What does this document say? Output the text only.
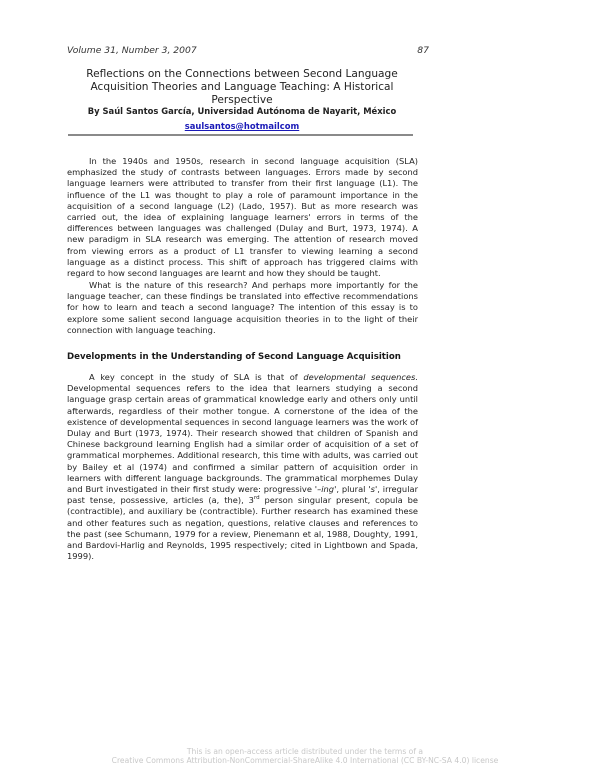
Volume 31, Number 3, 2007	87
Reflections on the Connections between Second Language
Acquisition Theories and Language Teaching: A Historical
Perspective
By Saúl Santos García, Universidad Autónoma de Nayarit, México
saulsantos@hotmailcom

In the 1940s and 1950s, research in second language acquisition (SLA) emphasized the study of contrasts between languages. Errors made by second language learners were attributed to transfer from their first language (L1). The influence of the L1 was thought to play a role of paramount importance in the acquisition of a second language (L2) (Lado, 1957). But as more research was carried out, the idea of explaining language learners' errors in terms of the differences between languages was challenged (Dulay and Burt, 1973, 1974). A new paradigm in SLA research was emerging. The attention of research moved from viewing errors as a product of L1 transfer to viewing learning a second language as a distinct process. This shift of approach has triggered claims with regard to how second languages are learnt and how they should be taught.

What is the nature of this research? And perhaps more importantly for the language teacher, can these findings be translated into effective recommendations for how to learn and teach a second language? The intention of this essay is to explore some salient second language acquisition theories in to the light of their connection with language teaching.

Developments in the Understanding of Second Language Acquisition

A key concept in the study of SLA is that of developmental sequences. Developmental sequences refers to the idea that learners studying a second language grasp certain areas of grammatical knowledge early and others only until afterwards, regardless of their mother tongue. A cornerstone of the idea of the existence of developmental sequences in second language learners was the work of Dulay and Burt (1973, 1974). Their research showed that children of Spanish and Chinese background learning English had a similar order of acquisition of a set of grammatical morphemes. Additional research, this time with adults, was carried out by Bailey et al (1974) and confirmed a similar pattern of acquisition order in learners with different language backgrounds. The grammatical morphemes Dulay and Burt investigated in their first study were: progressive '–ing', plural 's', irregular past tense, possessive, articles (a, the), 3rd person singular present, copula be (contractible), and auxiliary be (contractible). Further research has examined these and other features such as negation, questions, relative clauses and references to the past (see Schumann, 1979 for a review, Pienemann et al, 1988, Doughty, 1991, and Bardovi-Harlig and Reynolds, 1995 respectively; cited in Lightbown and Spada, 1999).

This is an open-access article distributed under the terms of a
Creative Commons Attribution-NonCommercial-ShareAlike 4.0 International (CC BY-NC-SA 4.0) license
